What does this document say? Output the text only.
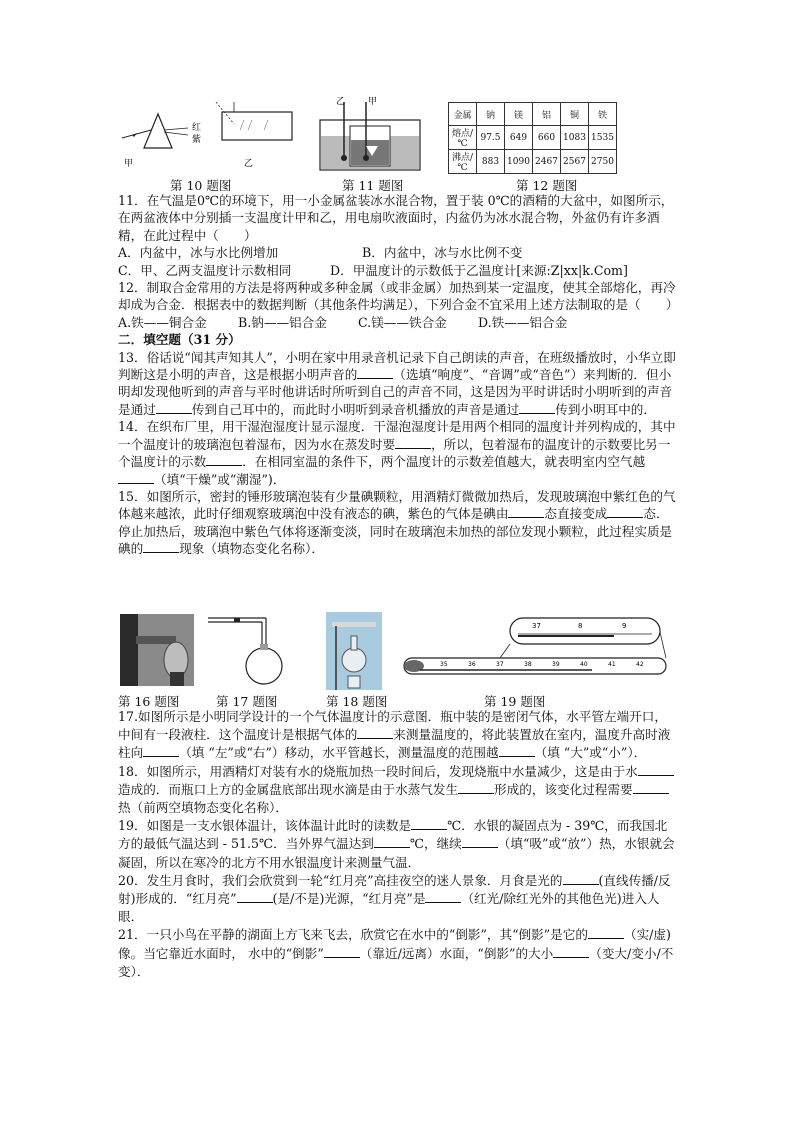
红
紫
甲	乙
第 10 题图
乙	甲
第 11 题图
金属	钠	镁	铝	铜	铁
熔点/℃	97.5	649	660	1083	1535
沸点/℃	883	1090	2467	2567	2750
第 12 题图

11．在气温是0℃的环境下，用一小金属盆装冰水混合物，置于装 0℃的酒精的大盆中，如图所示，在两盆液体中分别插一支温度计甲和乙，用电扇吹液面时，内盆仍为冰水混合物，外盆仍有许多酒精，在此过程中（　　）

A．内盆中，冰与水比例增加	B．内盆中，冰与水比例不变
C．甲、乙两支温度计示数相同	D．甲温度计的示数低于乙温度计[来源:Z|xx|k.Com]

12．制取合金常用的方法是将两种或多种金属（或非金属）加热到某一定温度，使其全部熔化，再冷却成为合金．根据表中的数据判断（其他条件均满足），下列合金不宜采用上述方法制取的是（　　）

A.铁——铜合金	B.钠——铝合金	C.镁——铁合金	D.铁——铝合金

二．填空题（31 分）

13．俗话说“闻其声知其人”，小明在家中用录音机记录下自己朗读的声音，在班级播放时，小华立即判断这是小明的声音，这是根据小明声音的	（选填“响度”、“音调”或“音色”）来判断的．但小明却发现他听到的声音与平时他讲话时所听到自己的声音不同，这是因为平时讲话时小明听到的声音是通过	传到自己耳中的，而此时小明听到录音机播放的声音是通过	传到小明耳中的．

14．在织布厂里，用干湿泡湿度计显示湿度．干湿泡湿度计是用两个相同的温度计并列构成的，其中一个温度计的玻璃泡包着湿布，因为水在蒸发时要	，所以，包着湿布的温度计的示数要比另一个温度计的示数	．在相同室温的条件下，两个温度计的示数差值越大，就表明室内空气越（填“干燥”或“潮湿”)．

15．如图所示，密封的锤形玻璃泡装有少量碘颗粒，用酒精灯微微加热后，发现玻璃泡中紫红色的气体越来越浓，此时仔细观察玻璃泡中没有液态的碘，紫色的气体是碘由	态直接变成	态．停止加热后，玻璃泡中紫色气体将逐渐变淡，同时在玻璃泡未加热的部位发现小颗粒，此过程实质是碘的	现象（填物态变化名称）．

37	8	9
35	36	37	38	39	40	41	42
第 16 题图	第 17 题图	第 18 题图	第 19 题图

17.如图所示是小明同学设计的一个气体温度计的示意图．瓶中装的是密闭气体，水平管左端开口，中间有一段液柱．这个温度计是根据气体的	来测量温度的，将此装置放在室内，温度升高时液柱向	（填 “左”或“右”）移动，水平管越长，测量温度的范围越	（填 “大”或“小”）．

18．如图所示，用酒精灯对装有水的烧瓶加热一段时间后，发现烧瓶中水量减少，这是由于水造成的．而瓶口上方的金属盘底部出现水滴是由于水蒸气发生	形成的，该变化过程需要热（前两空填物态变化名称）．

19．如图是一支水银体温计，该体温计此时的读数是	℃．水银的凝固点为 - 39℃，而我国北方的最低气温达到 - 51.5℃．当外界气温达到	℃，继续	（填“吸”或“放”）热，水银就会凝固，所以在寒冷的北方不用水银温度计来测量气温．

20．发生月食时，我们会欣赏到一轮“红月亮”高挂夜空的迷人景象．月食是光的	(直线传播/反射)形成的．“红月亮”	(是/不是)光源，“红月亮”是	（红光/除红光外的其他色光)进入人眼．

21．一只小鸟在平静的湖面上方飞来飞去，欣赏它在水中的“倒影”，其“倒影”是它的	（实/虚)像。当它靠近水面时， 水中的“倒影”	（靠近/远离）水面，“倒影”的大小	（变大/变小/不变）．
